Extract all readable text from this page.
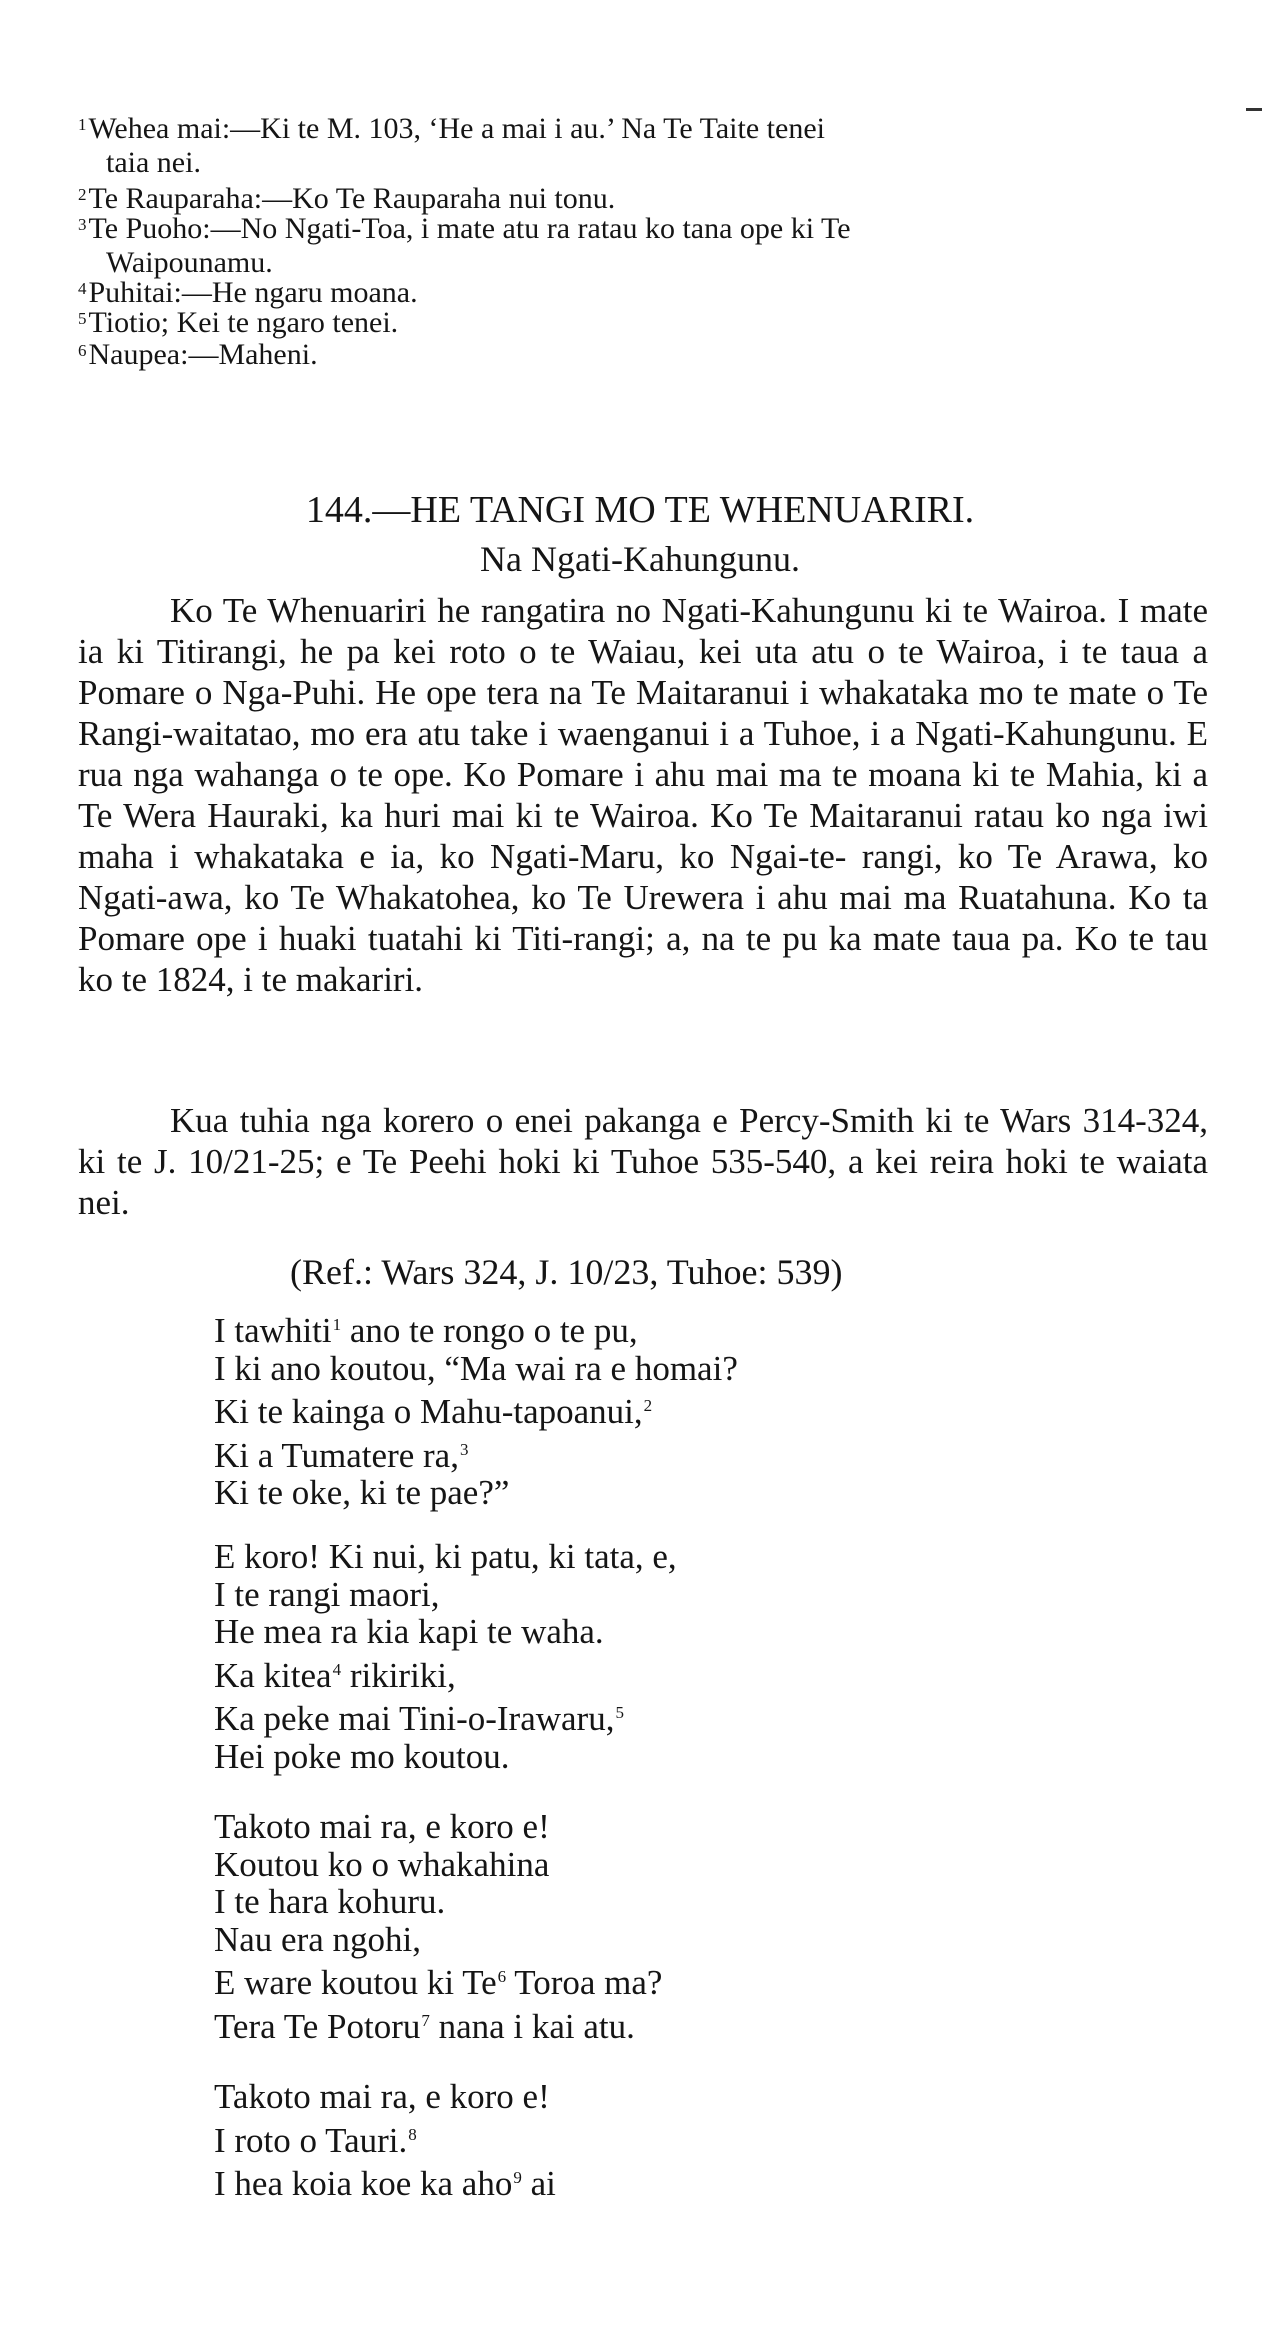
$^1$Wehea mai:—Ki te M. 103, ‘He a mai i au.’ Na Te Taite tenei
taia nei.

$^2$Te Rauparaha:—Ko Te Rauparaha nui tonu.

$^3$Te Puoho:—No Ngati-Toa, i mate atu ra ratau ko tana ope ki Te
Waipounamu.

$^4$Puhitai:—He ngaru moana.

$^5$Tiotio; Kei te ngaro tenei.

$^6$Naupea:—Maheni.

144.—HE TANGI MO TE WHENUARIRI.
Na Ngati-Kahungunu.

Ko Te Whenuariri he rangatira no Ngati-Kahungunu ki te Wairoa. I mate ia ki Titirangi, he pa kei roto o te Waiau, kei uta atu o te Wairoa, i te taua a Pomare o Nga-Puhi. He ope tera na Te Maitaranui i whakataka mo te mate o Te Rangi-waitatao, mo era atu take i waenganui i a Tuhoe, i a Ngati-Kahungunu. E rua nga wahanga o te ope. Ko Pomare i ahu mai ma te moana ki te Mahia, ki a Te Wera Hauraki, ka huri mai ki te Wairoa. Ko Te Maitaranui ratau ko nga iwi maha i whakataka e ia, ko Ngati-Maru, ko Ngai-te- rangi, ko Te Arawa, ko Ngati-awa, ko Te Whakatohea, ko Te Urewera i ahu mai ma Ruatahuna. Ko ta Pomare ope i huaki tuatahi ki Titi-rangi; a, na te pu ka mate taua pa. Ko te tau ko te 1824, i te makariri.

Kua tuhia nga korero o enei pakanga e Percy-Smith ki te Wars 314-324, ki te J. 10/21-25; e Te Peehi hoki ki Tuhoe 535-540, a kei reira hoki te waiata nei.

(Ref.: Wars 324, J. 10/23, Tuhoe: 539)

I tawhiti$^1$ ano te rongo o te pu,
I ki ano koutou, “Ma wai ra e homai?
Ki te kainga o Mahu-tapoanui,$^2$
Ki a Tumatere ra,$^3$
Ki te oke, ki te pae?”
E koro! Ki nui, ki patu, ki tata, e,
I te rangi maori,
He mea ra kia kapi te waha.
Ka kitea$^4$ rikiriki,
Ka peke mai Tini-o-Irawaru,$^5$
Hei poke mo koutou.
Takoto mai ra, e koro e!
Koutou ko o whakahina
I te hara kohuru.
Nau era ngohi,
E ware koutou ki Te$^6$ Toroa ma?
Tera Te Potoru$^7$ nana i kai atu.
Takoto mai ra, e koro e!
I roto o Tauri.$^8$
I hea koia koe ka aho$^9$ ai
